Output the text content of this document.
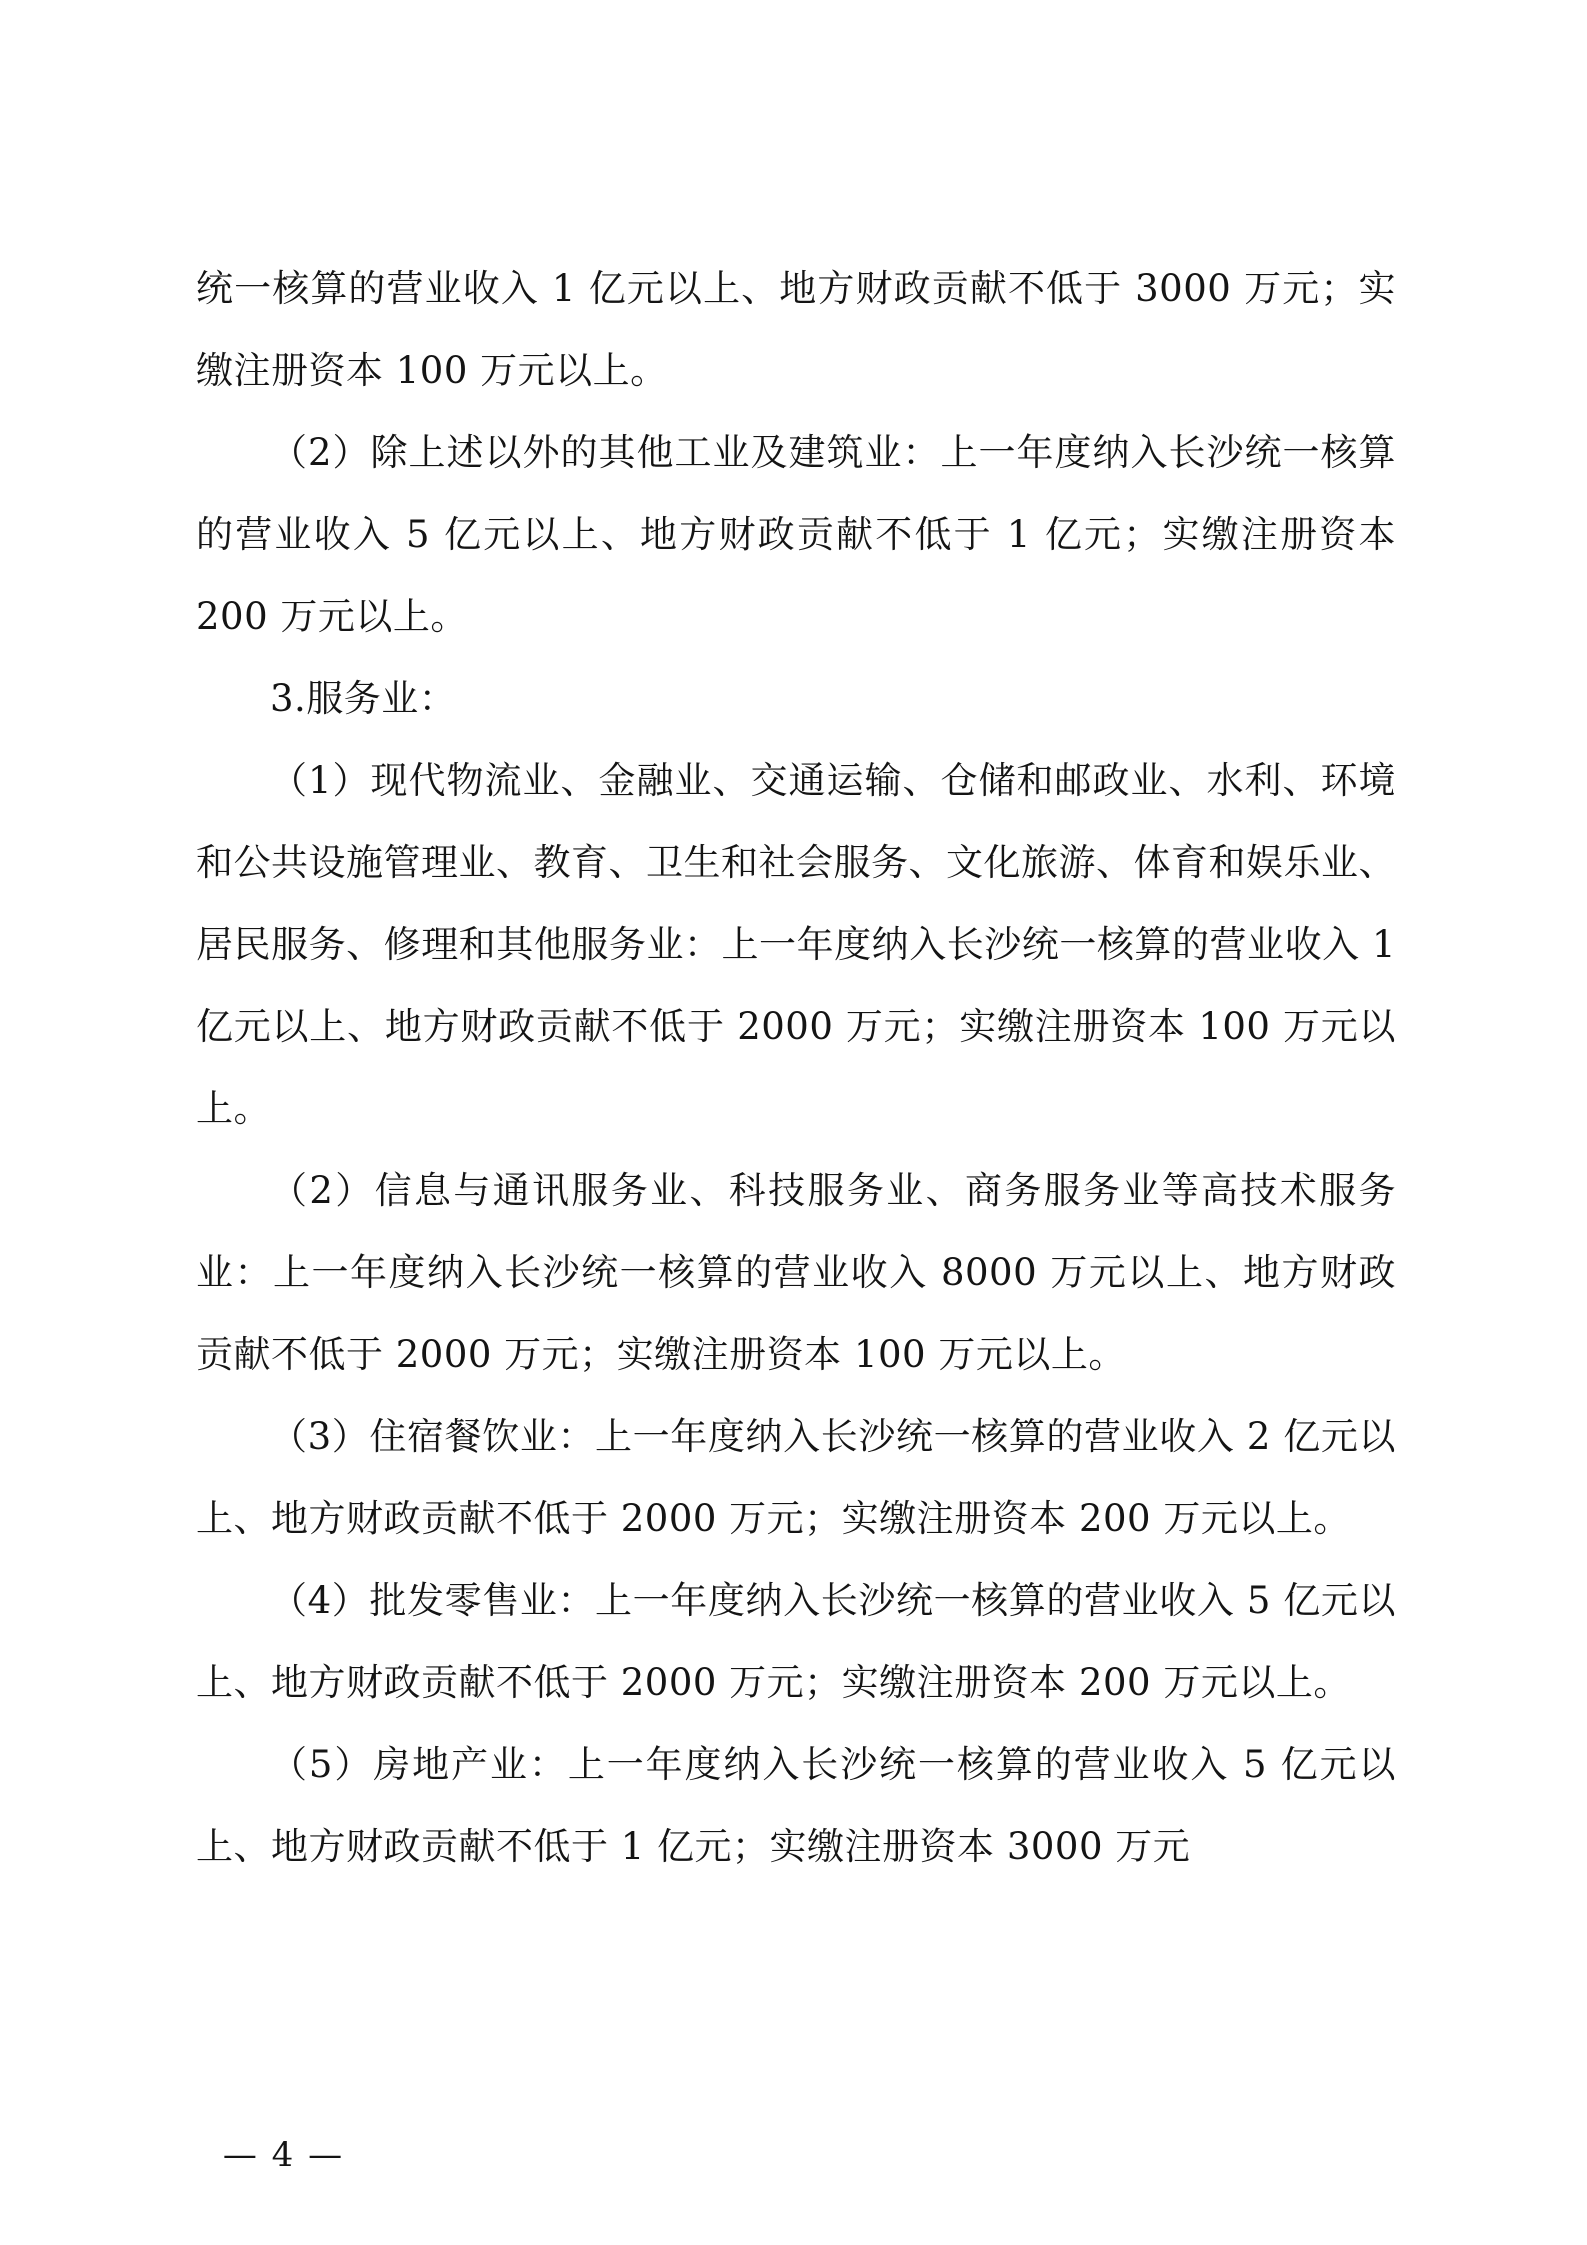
统一核算的营业收入 1 亿元以上、地方财政贡献不低于 3000 万元；实缴注册资本 100 万元以上。

（2）除上述以外的其他工业及建筑业：上一年度纳入长沙统一核算的营业收入 5 亿元以上、地方财政贡献不低于 1 亿元；实缴注册资本 200 万元以上。

3.服务业：

（1）现代物流业、金融业、交通运输、仓储和邮政业、水利、环境和公共设施管理业、教育、卫生和社会服务、文化旅游、体育和娱乐业、居民服务、修理和其他服务业：上一年度纳入长沙统一核算的营业收入 1 亿元以上、地方财政贡献不低于 2000 万元；实缴注册资本 100 万元以上。

（2）信息与通讯服务业、科技服务业、商务服务业等高技术服务业：上一年度纳入长沙统一核算的营业收入 8000 万元以上、地方财政贡献不低于 2000 万元；实缴注册资本 100 万元以上。

（3）住宿餐饮业：上一年度纳入长沙统一核算的营业收入 2 亿元以上、地方财政贡献不低于 2000 万元；实缴注册资本 200 万元以上。

（4）批发零售业：上一年度纳入长沙统一核算的营业收入 5 亿元以上、地方财政贡献不低于 2000 万元；实缴注册资本 200 万元以上。

（5）房地产业：上一年度纳入长沙统一核算的营业收入 5 亿元以上、地方财政贡献不低于 1 亿元；实缴注册资本 3000 万元

— 4 —
